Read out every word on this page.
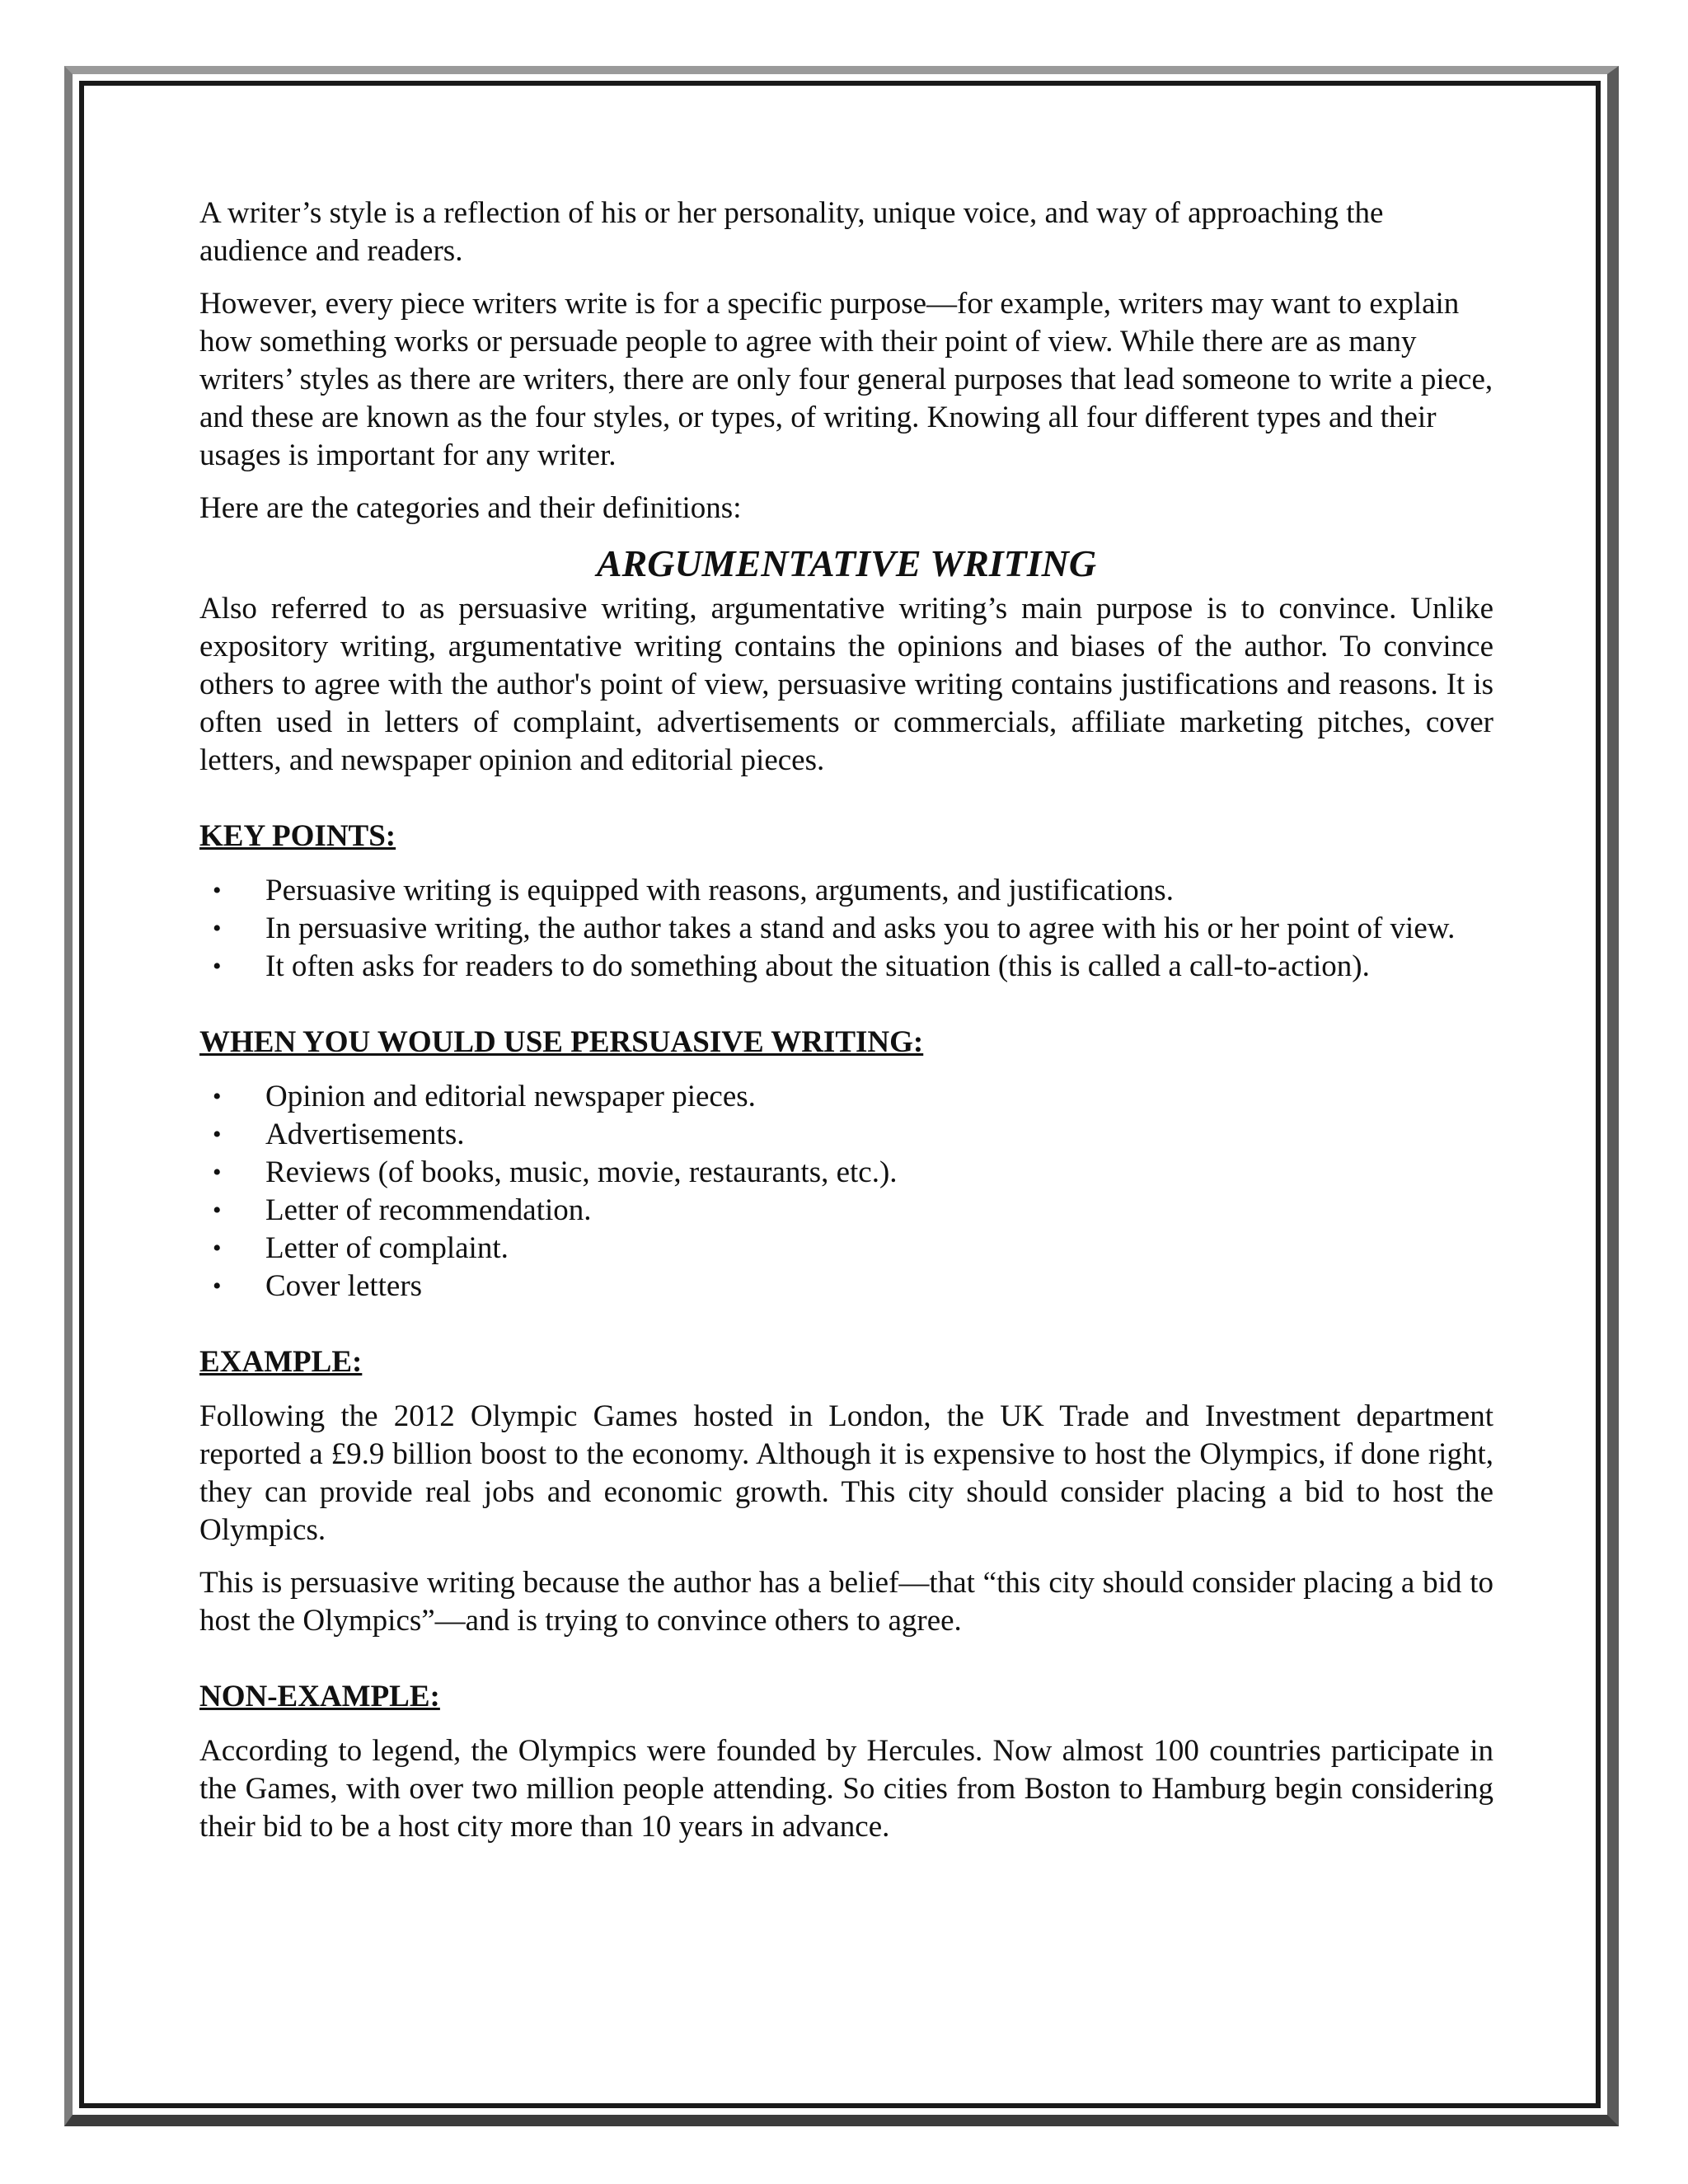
A writer’s style is a reflection of his or her personality, unique voice, and way of approaching the audience and readers.

However, every piece writers write is for a specific purpose—for example, writers may want to explain how something works or persuade people to agree with their point of view. While there are as many writers’ styles as there are writers, there are only four general purposes that lead someone to write a piece, and these are known as the four styles, or types, of writing. Knowing all four different types and their usages is important for any writer.

Here are the categories and their definitions:

ARGUMENTATIVE WRITING

Also referred to as persuasive writing, argumentative writing’s main purpose is to convince. Unlike expository writing, argumentative writing contains the opinions and biases of the author. To convince others to agree with the author's point of view, persuasive writing contains justifications and reasons. It is often used in letters of complaint, advertisements or commercials, affiliate marketing pitches, cover letters, and newspaper opinion and editorial pieces.

KEY POINTS:

• Persuasive writing is equipped with reasons, arguments, and justifications.
• In persuasive writing, the author takes a stand and asks you to agree with his or her point of view.
• It often asks for readers to do something about the situation (this is called a call-to-action).

WHEN YOU WOULD USE PERSUASIVE WRITING:

• Opinion and editorial newspaper pieces.
• Advertisements.
• Reviews (of books, music, movie, restaurants, etc.).
• Letter of recommendation.
• Letter of complaint.
• Cover letters

EXAMPLE:

Following the 2012 Olympic Games hosted in London, the UK Trade and Investment department reported a £9.9 billion boost to the economy. Although it is expensive to host the Olympics, if done right, they can provide real jobs and economic growth. This city should consider placing a bid to host the Olympics.

This is persuasive writing because the author has a belief—that “this city should consider placing a bid to host the Olympics”—and is trying to convince others to agree.

NON-EXAMPLE:

According to legend, the Olympics were founded by Hercules. Now almost 100 countries participate in the Games, with over two million people attending. So cities from Boston to Hamburg begin considering their bid to be a host city more than 10 years in advance.
